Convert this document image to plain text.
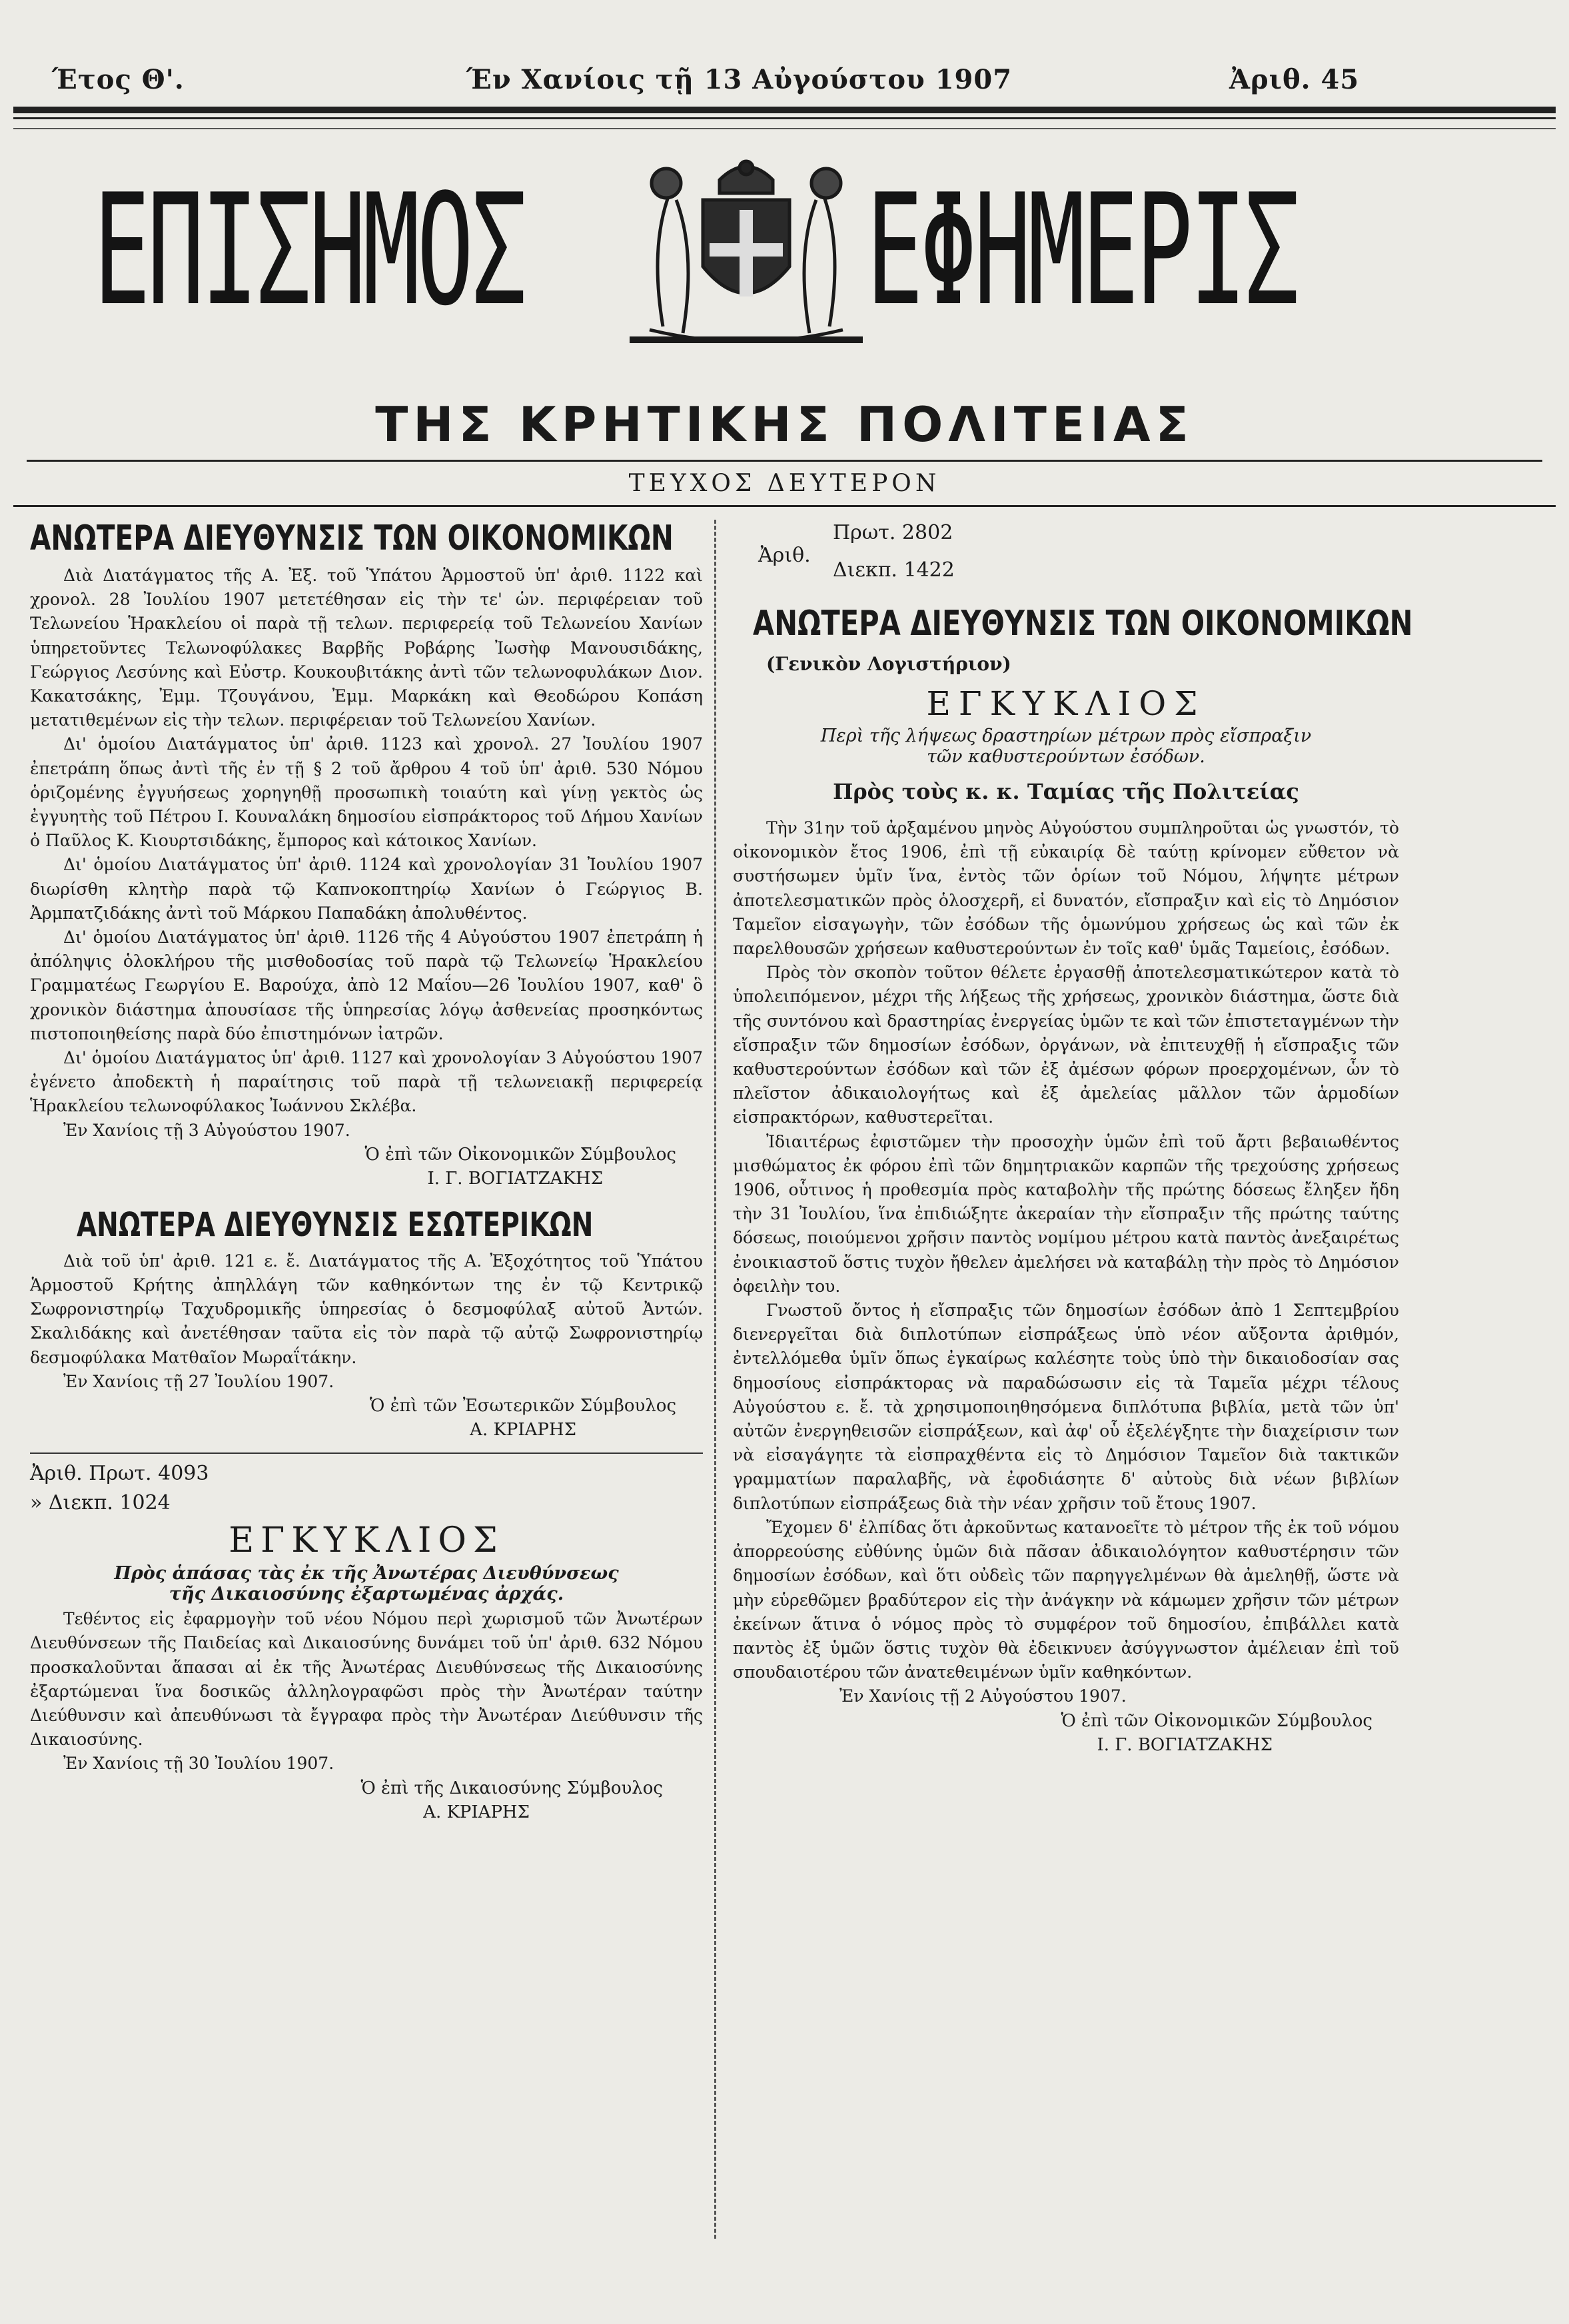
Έτος Θ'.	Έν Χανίοις τῇ 13 Αὐγούστου 1907	Ἀριθ. 45
ΕΠΙΣΗΜΟΣ ΕΦΗΜΕΡΙΣ
ΤΗΣ ΚΡΗΤΙΚΗΣ ΠΟΛΙΤΕΙΑΣ
ΤΕΥΧΟΣ ΔΕΥΤΕΡΟΝ
ΑΝΩΤΕΡΑ ΔΙΕΥΘΥΝΣΙΣ ΤΩΝ ΟΙΚΟΝΟΜΙΚΩΝ

Διὰ Διατάγματος τῆς Α. Ἐξ. τοῦ Ὑπάτου Ἁρμοστοῦ ὑπ' ἀριθ. 1122 καὶ χρονολ. 28 Ἰουλίου 1907 μετετέθησαν εἰς τὴν τε' ὡν. περιφέρειαν τοῦ Τελωνείου Ἡρακλείου οἱ παρὰ τῇ τελων. περιφερείᾳ τοῦ Τελωνείου Χανίων ὑπηρετοῦντες Τελωνοφύλακες Βαρβῆς Ροβάρης Ἰωσὴφ Μανουσιδάκης, Γεώργιος Λεσύνης καὶ Εὐστρ. Κουκουβιτάκης ἀντὶ τῶν τελωνοφυλάκων Διον. Κακατσάκης, Ἐμμ. Τζουγάνου, Ἐμμ. Μαρκάκη καὶ Θεοδώρου Κοπάση μετατιθεμένων εἰς τὴν τελων. περιφέρειαν τοῦ Τελωνείου Χανίων.

Δι' ὁμοίου Διατάγματος ὑπ' ἀριθ. 1123 καὶ χρονολ. 27 Ἰουλίου 1907 ἐπετράπη ὅπως ἀντὶ τῆς ἐν τῇ § 2 τοῦ ἄρθρου 4 τοῦ ὑπ' ἀριθ. 530 Νόμου ὁριζομένης ἐγγυήσεως χορηγηθῇ προσωπικὴ τοιαύτη καὶ γίνῃ γεκτὸς ὡς ἐγγυητὴς τοῦ Πέτρου Ι. Κουναλάκη δημοσίου εἰσπράκτορος τοῦ Δήμου Χανίων ὁ Παῦλος Κ. Κιουρτσιδάκης, ἔμπορος καὶ κάτοικος Χανίων.

Δι' ὁμοίου Διατάγματος ὑπ' ἀριθ. 1124 καὶ χρονολογίαν 31 Ἰουλίου 1907 διωρίσθη κλητὴρ παρὰ τῷ Καπνοκοπτηρίῳ Χανίων ὁ Γεώργιος Β. Ἀρμπατζιδάκης ἀντὶ τοῦ Μάρκου Παπαδάκη ἀπολυθέντος.

Δι' ὁμοίου Διατάγματος ὑπ' ἀριθ. 1126 τῆς 4 Αὐγούστου 1907 ἐπετράπη ἡ ἀπόληψις ὁλοκλήρου τῆς μισθοδοσίας τοῦ παρὰ τῷ Τελωνείῳ Ἡρακλείου Γραμματέως Γεωργίου Ε. Βαρούχα, ἀπὸ 12 Μαΐου—26 Ἰουλίου 1907, καθ' ὃ χρονικὸν διάστημα ἀπουσίασε τῆς ὑπηρεσίας λόγῳ ἀσθενείας προσηκόντως πιστοποιηθείσης παρὰ δύο ἐπιστημόνων ἰατρῶν.

Δι' ὁμοίου Διατάγματος ὑπ' ἀριθ. 1127 καὶ χρονολογίαν 3 Αὐγούστου 1907 ἐγένετο ἀποδεκτὴ ἡ παραίτησις τοῦ παρὰ τῇ τελωνειακῇ περιφερείᾳ Ἡρακλείου τελωνοφύλακος Ἰωάννου Σκλέβα.

Ἐν Χανίοις τῇ 3 Αὐγούστου 1907.

Ὁ ἐπὶ τῶν Οἰκονομικῶν Σύμβουλος

Ι. Γ. ΒΟΓΙΑΤΖΑΚΗΣ

ΑΝΩΤΕΡΑ ΔΙΕΥΘΥΝΣΙΣ ΕΣΩΤΕΡΙΚΩΝ

Διὰ τοῦ ὑπ' ἀριθ. 121 ε. ἔ. Διατάγματος τῆς Α. Ἐξοχότητος τοῦ Ὑπάτου Ἁρμοστοῦ Κρήτης ἀπηλλάγη τῶν καθηκόντων της ἐν τῷ Κεντρικῷ Σωφρονιστηρίῳ Ταχυδρομικῆς ὑπηρεσίας ὁ δεσμοφύλαξ αὐτοῦ Ἀντών. Σκαλιδάκης καὶ ἀνετέθησαν ταῦτα εἰς τὸν παρὰ τῷ αὐτῷ Σωφρονιστηρίῳ δεσμοφύλακα Ματθαῖον Μωραΐτάκην.

Ἐν Χανίοις τῇ 27 Ἰουλίου 1907.

Ὁ ἐπὶ τῶν Ἐσωτερικῶν Σύμβουλος

Α. ΚΡΙΑΡΗΣ

Ἀριθ. Πρωτ. 4093

» Διεκπ. 1024

ΕΓΚΥΚΛΙΟΣ
Πρὸς ἁπάσας τὰς ἐκ τῆς Ἀνωτέρας Διευθύνσεως
τῆς Δικαιοσύνης ἐξαρτωμένας ἀρχάς.

Τεθέντος εἰς ἐφαρμογὴν τοῦ νέου Νόμου περὶ χωρισμοῦ τῶν Ἀνωτέρων Διευθύνσεων τῆς Παιδείας καὶ Δικαιοσύνης δυνάμει τοῦ ὑπ' ἀριθ. 632 Νόμου προσκαλοῦνται ἅπασαι αἱ ἐκ τῆς Ἀνωτέρας Διευθύνσεως τῆς Δικαιοσύνης ἐξαρτώμεναι ἵνα δοσικῶς ἀλληλογραφῶσι πρὸς τὴν Ἀνωτέραν ταύτην Διεύθυνσιν καὶ ἀπευθύνωσι τὰ ἔγγραφα πρὸς τὴν Ἀνωτέραν Διεύθυνσιν τῆς Δικαιοσύνης.

Ἐν Χανίοις τῇ 30 Ἰουλίου 1907.

Ὁ ἐπὶ τῆς Δικαιοσύνης Σύμβουλος

Α. ΚΡΙΑΡΗΣ

Ἀριθ.
Πρωτ. 2802
Διεκπ. 1422
ΑΝΩΤΕΡΑ ΔΙΕΥΘΥΝΣΙΣ ΤΩΝ ΟΙΚΟΝΟΜΙΚΩΝ
(Γενικὸν Λογιστήριον)
ΕΓΚΥΚΛΙΟΣ
Περὶ τῆς λήψεως δραστηρίων μέτρων πρὸς εἴσπραξιν
τῶν καθυστερούντων ἐσόδων.
Πρὸς τοὺς κ. κ. Ταμίας τῆς Πολιτείας

Τὴν 31ην τοῦ ἀρξαμένου μηνὸς Αὐγούστου συμπληροῦται ὡς γνωστόν, τὸ οἰκονομικὸν ἔτος 1906, ἐπὶ τῇ εὐκαιρίᾳ δὲ ταύτῃ κρίνομεν εὔθετον νὰ συστήσωμεν ὑμῖν ἵνα, ἐντὸς τῶν ὁρίων τοῦ Νόμου, λήψητε μέτρων ἀποτελεσματικῶν πρὸς ὁλοσχερῆ, εἰ δυνατόν, εἴσπραξιν καὶ εἰς τὸ Δημόσιον Ταμεῖον εἰσαγωγὴν, τῶν ἐσόδων τῆς ὁμωνύμου χρήσεως ὡς καὶ τῶν ἐκ παρελθουσῶν χρήσεων καθυστερούντων ἐν τοῖς καθ' ὑμᾶς Ταμείοις, ἐσόδων.

Πρὸς τὸν σκοπὸν τοῦτον θέλετε ἐργασθῇ ἀποτελεσματικώτερον κατὰ τὸ ὑπολειπόμενον, μέχρι τῆς λήξεως τῆς χρήσεως, χρονικὸν διάστημα, ὥστε διὰ τῆς συντόνου καὶ δραστηρίας ἐνεργείας ὑμῶν τε καὶ τῶν ἐπιστεταγμένων τὴν εἴσπραξιν τῶν δημοσίων ἐσόδων, ὀργάνων, νὰ ἐπιτευχθῇ ἡ εἴσπραξις τῶν καθυστερούντων ἐσόδων καὶ τῶν ἐξ ἀμέσων φόρων προερχομένων, ὧν τὸ πλεῖστον ἀδικαιολογήτως καὶ ἐξ ἀμελείας μᾶλλον τῶν ἁρμοδίων εἰσπρακτόρων, καθυστερεῖται.

Ἰδιαιτέρως ἐφιστῶμεν τὴν προσοχὴν ὑμῶν ἐπὶ τοῦ ἄρτι βεβαιωθέντος μισθώματος ἐκ φόρου ἐπὶ τῶν δημητριακῶν καρπῶν τῆς τρεχούσης χρήσεως 1906, οὗτινος ἡ προθεσμία πρὸς καταβολὴν τῆς πρώτης δόσεως ἔληξεν ἤδη τὴν 31 Ἰουλίου, ἵνα ἐπιδιώξητε ἀκεραίαν τὴν εἴσπραξιν τῆς πρώτης ταύτης δόσεως, ποιούμενοι χρῆσιν παντὸς νομίμου μέτρου κατὰ παντὸς ἀνεξαιρέτως ἐνοικιαστοῦ ὅστις τυχὸν ἤθελεν ἀμελήσει νὰ καταβάλῃ τὴν πρὸς τὸ Δημόσιον ὀφειλὴν του.

Γνωστοῦ ὄντος ἡ εἴσπραξις τῶν δημοσίων ἐσόδων ἀπὸ 1 Σεπτεμβρίου διενεργεῖται διὰ διπλοτύπων εἰσπράξεως ὑπὸ νέον αὔξοντα ἀριθμόν, ἐντελλόμεθα ὑμῖν ὅπως ἐγκαίρως καλέσητε τοὺς ὑπὸ τὴν δικαιοδοσίαν σας δημοσίους εἰσπράκτορας νὰ παραδώσωσιν εἰς τὰ Ταμεῖα μέχρι τέλους Αὐγούστου ε. ἔ. τὰ χρησιμοποιηθησόμενα διπλότυπα βιβλία, μετὰ τῶν ὑπ' αὐτῶν ἐνεργηθεισῶν εἰσπράξεων, καὶ ἀφ' οὗ ἐξελέγξητε τὴν διαχείρισιν των νὰ εἰσαγάγητε τὰ εἰσπραχθέντα εἰς τὸ Δημόσιον Ταμεῖον διὰ τακτικῶν γραμματίων παραλαβῆς, νὰ ἐφοδιάσητε δ' αὐτοὺς διὰ νέων βιβλίων διπλοτύπων εἰσπράξεως διὰ τὴν νέαν χρῆσιν τοῦ ἔτους 1907.

Ἔχομεν δ' ἐλπίδας ὅτι ἀρκοῦντως κατανοεῖτε τὸ μέτρον τῆς ἐκ τοῦ νόμου ἀπορρεούσης εὐθύνης ὑμῶν διὰ πᾶσαν ἀδικαιολόγητον καθυστέρησιν τῶν δημοσίων ἐσόδων, καὶ ὅτι οὐδεὶς τῶν παρηγγελμένων θὰ ἀμεληθῇ, ὥστε νὰ μὴν εὑρεθῶμεν βραδύτερον εἰς τὴν ἀνάγκην νὰ κάμωμεν χρῆσιν τῶν μέτρων ἐκείνων ἅτινα ὁ νόμος πρὸς τὸ συμφέρον τοῦ δημοσίου, ἐπιβάλλει κατὰ παντὸς ἐξ ὑμῶν ὅστις τυχὸν θὰ ἐδεικνυεν ἀσύγγνωστον ἀμέλειαν ἐπὶ τοῦ σπουδαιοτέρου τῶν ἀνατεθειμένων ὑμῖν καθηκόντων.

Ἐν Χανίοις τῇ 2 Αὐγούστου 1907.

Ὁ ἐπὶ τῶν Οἰκονομικῶν Σύμβουλος

Ι. Γ. ΒΟΓΙΑΤΖΑΚΗΣ
